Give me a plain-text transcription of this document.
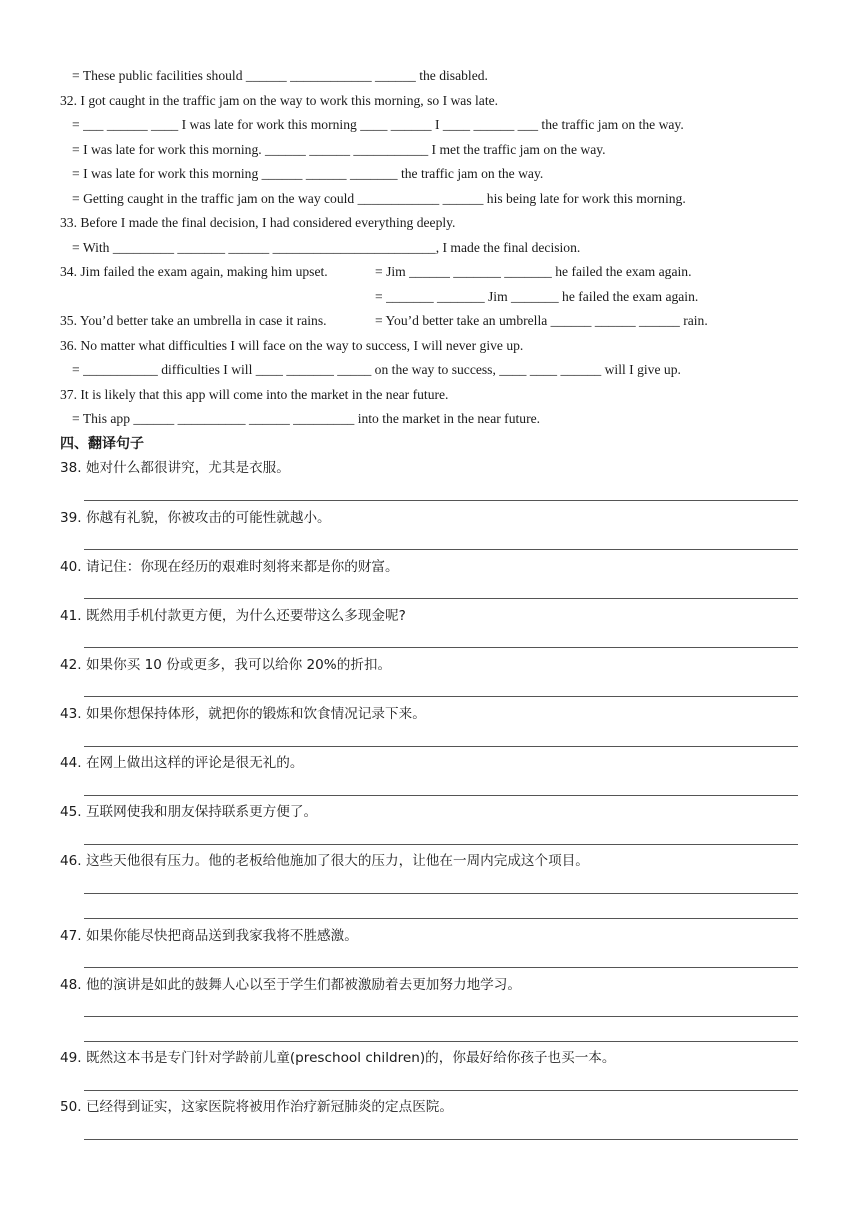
= These public facilities should ______ ____________ ______ the disabled.
32. I got caught in the traffic jam on the way to work this morning, so I was late.
= ___ ______ ____ I was late for work this morning ____ ______ I ____ ______ ___ the traffic jam on the way.
= I was late for work this morning. ______ ______ ___________ I met the traffic jam on the way.
= I was late for work this morning ______ ______ _______ the traffic jam on the way.
= Getting caught in the traffic jam on the way could ____________ ______ his being late for work this morning.
33. Before I made the final decision, I had considered everything deeply.
= With _________ _______ ______ ________________________, I made the final decision.
34. Jim failed the exam again, making him upset.	= Jim ______ _______ _______ he failed the exam again.
= _______ _______ Jim _______ he failed the exam again.
35. You’d better take an umbrella in case it rains.	= You’d better take an umbrella ______ ______ ______ rain.
36. No matter what difficulties I will face on the way to success, I will never give up.
= ___________ difficulties I will ____ _______ _____ on the way to success, ____ ____ ______ will I give up.
37. It is likely that this app will come into the market in the near future.
= This app ______ __________ ______ _________ into the market in the near future.
四、翻译句子
38. 她对什么都很讲究，尤其是衣服。
39. 你越有礼貌，你被攻击的可能性就越小。
40. 请记住：你现在经历的艰难时刻将来都是你的财富。
41. 既然用手机付款更方便，为什么还要带这么多现金呢?
42. 如果你买 10 份或更多，我可以给你 20%的折扣。
43. 如果你想保持体形，就把你的锻炼和饮食情况记录下来。
44. 在网上做出这样的评论是很无礼的。
45. 互联网使我和朋友保持联系更方便了。
46. 这些天他很有压力。他的老板给他施加了很大的压力，让他在一周内完成这个项目。
47. 如果你能尽快把商品送到我家我将不胜感激。
48. 他的演讲是如此的鼓舞人心以至于学生们都被激励着去更加努力地学习。
49. 既然这本书是专门针对学龄前儿童(preschool children)的，你最好给你孩子也买一本。
50. 已经得到证实，这家医院将被用作治疗新冠肺炎的定点医院。
